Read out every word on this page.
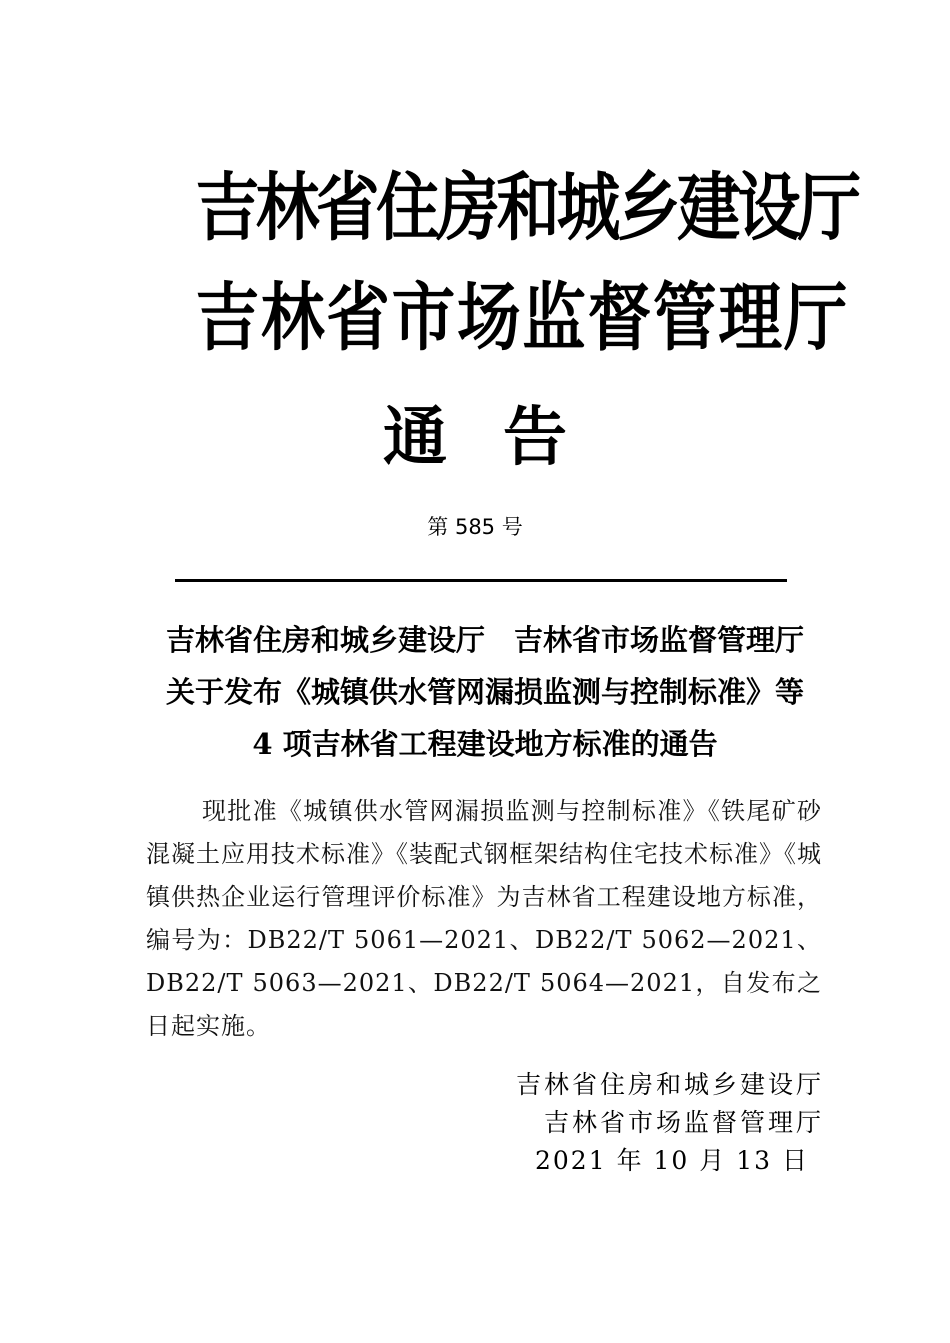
吉林省住房和城乡建设厅
吉林省市场监督管理厅
通告
第 585 号
吉林省住房和城乡建设厅　吉林省市场监督管理厅
关于发布《城镇供水管网漏损监测与控制标准》等
4 项吉林省工程建设地方标准的通告
现批准《城镇供水管网漏损监测与控制标准》《铁尾矿砂混凝土应用技术标准》《装配式钢框架结构住宅技术标准》《城镇供热企业运行管理评价标准》为吉林省工程建设地方标准，编号为：DB22/T 5061—2021、DB22/T 5062—2021、DB22/T 5063—2021、DB22/T 5064—2021，自发布之日起实施。
吉林省住房和城乡建设厅
吉林省市场监督管理厅
2021 年 10 月 13 日
